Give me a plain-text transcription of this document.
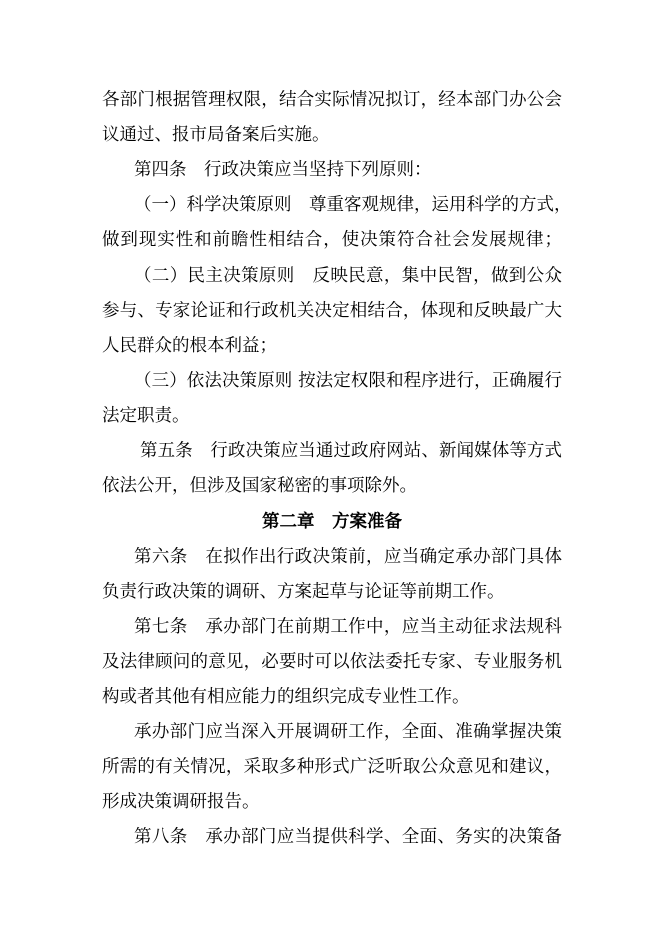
各部门根据管理权限，结合实际情况拟订，经本部门办公会
议通过、报市局备案后实施。
第四条　行政决策应当坚持下列原则：
（一）科学决策原则　尊重客观规律，运用科学的方式，
做到现实性和前瞻性相结合，使决策符合社会发展规律；
（二）民主决策原则　反映民意，集中民智，做到公众
参与、专家论证和行政机关决定相结合，体现和反映最广大
人民群众的根本利益；
（三）依法决策原则 按法定权限和程序进行，正确履行
法定职责。
第五条　行政决策应当通过政府网站、新闻媒体等方式
依法公开，但涉及国家秘密的事项除外。
第二章　方案准备
第六条　在拟作出行政决策前，应当确定承办部门具体
负责行政决策的调研、方案起草与论证等前期工作。
第七条　承办部门在前期工作中，应当主动征求法规科
及法律顾问的意见，必要时可以依法委托专家、专业服务机
构或者其他有相应能力的组织完成专业性工作。
承办部门应当深入开展调研工作，全面、准确掌握决策
所需的有关情况，采取多种形式广泛听取公众意见和建议，
形成决策调研报告。
第八条　承办部门应当提供科学、全面、务实的决策备
